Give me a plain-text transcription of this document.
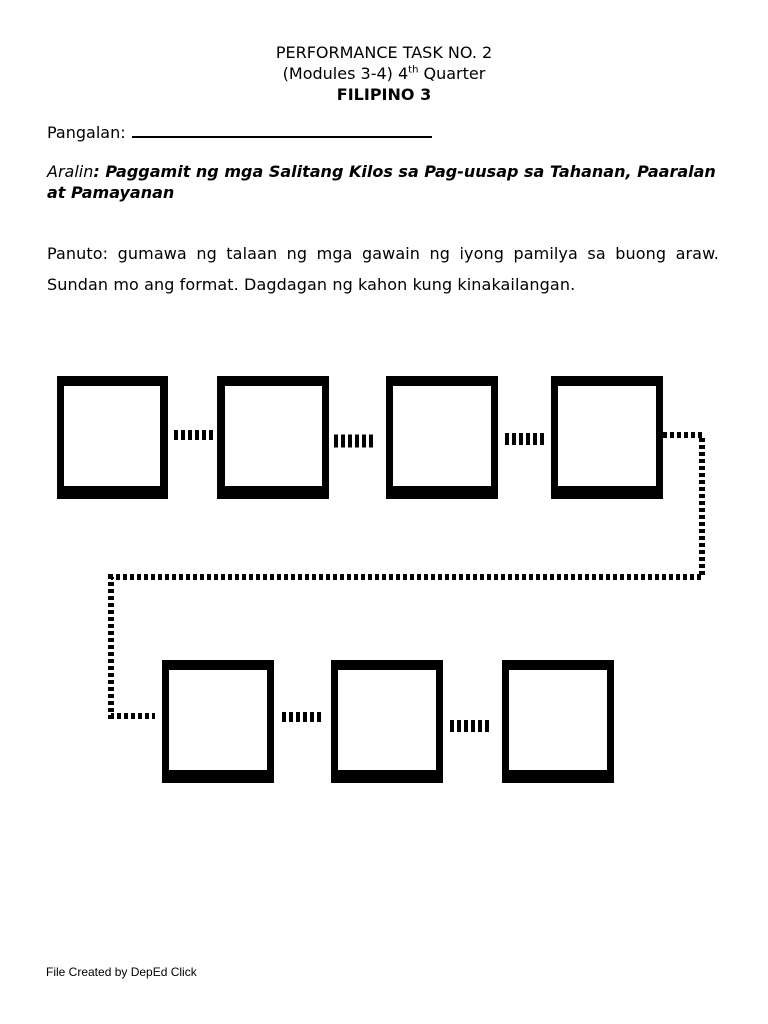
PERFORMANCE TASK NO. 2
(Modules 3-4) 4th Quarter
FILIPINO 3
Pangalan:
Aralin: Paggamit ng mga Salitang Kilos sa Pag-uusap sa Tahanan, Paaralan at Pamayanan
Panuto: gumawa ng talaan ng mga gawain ng iyong pamilya sa buong araw. Sundan mo ang format. Dagdagan ng kahon kung kinakailangan.
File Created by DepEd Click
